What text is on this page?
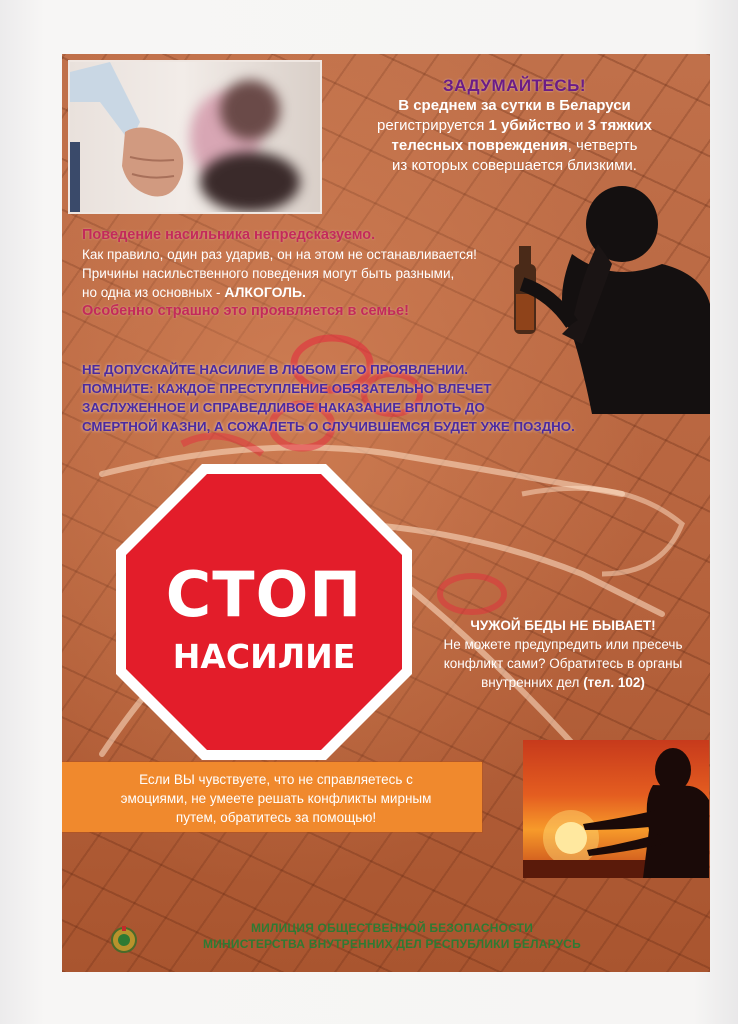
ЗАДУМАЙТЕСЬ!
В среднем за сутки в Беларуси
регистрируется 1 убийство и 3 тяжких
телесных повреждения, четверть
из которых совершается близкими.
Поведение насильника непредсказуемо.
Как правило, один раз ударив, он на этом не останавливается!
Причины насильственного поведения могут быть разными,
но одна из основных - АЛКОГОЛЬ.
Особенно страшно это проявляется в семье!
НЕ ДОПУСКАЙТЕ НАСИЛИЕ В ЛЮБОМ ЕГО ПРОЯВЛЕНИИ.
ПОМНИТЕ: КАЖДОЕ ПРЕСТУПЛЕНИЕ ОБЯЗАТЕЛЬНО ВЛЕЧЕТ
ЗАСЛУЖЕННОЕ И СПРАВЕДЛИВОЕ НАКАЗАНИЕ ВПЛОТЬ ДО
СМЕРТНОЙ КАЗНИ, А СОЖАЛЕТЬ О СЛУЧИВШЕМСЯ БУДЕТ УЖЕ ПОЗДНО.
СТОП
НАСИЛИЕ
ЧУЖОЙ БЕДЫ НЕ БЫВАЕТ!
Не можете предупредить или пресечь
конфликт сами? Обратитесь в органы
внутренних дел (тел. 102)
Если ВЫ чувствуете, что не справляетесь с
эмоциями, не умеете решать конфликты мирным
путем, обратитесь за помощью!
МИЛИЦИЯ ОБЩЕСТВЕННОЙ БЕЗОПАСНОСТИ
МИНИСТЕРСТВА ВНУТРЕННИХ ДЕЛ РЕСПУБЛИКИ БЕЛАРУСЬ
